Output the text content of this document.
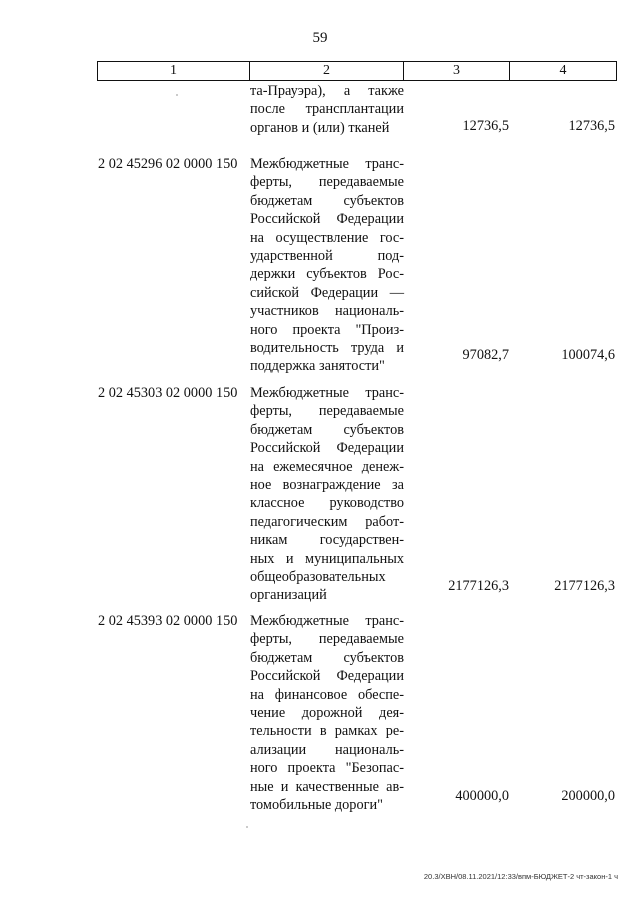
59
1	2	3	4
та-Прауэра), а также
после трансплантации
органов и (или) тканей	12736,5	12736,5
2 02 45296 02 0000 150 Межбюджетные транс-
ферты, передаваемые
бюджетам субъектов
Российской Федерации
на осуществление гос-
ударственной под-
держки субъектов Рос-
сийской Федерации —
участников националь-
ного проекта "Произ-
водительность труда и
поддержка занятости"
97082,7	100074,6
2 02 45303 02 0000 150 Межбюджетные транс-
ферты, передаваемые
бюджетам субъектов
Российской Федерации
на ежемесячное денеж-
ное вознаграждение за
классное руководство
педагогическим работ-
никам государствен-
ных и муниципальных
общеобразовательных
организаций
2177126,3	2177126,3
2 02 45393 02 0000 150 Межбюджетные транс-
ферты, передаваемые
бюджетам субъектов
Российской Федерации
на финансовое обеспе-
чение дорожной дея-
тельности в рамках ре-
ализации националь-
ного проекта "Безопас-
ные и качественные ав-
томобильные дороги"
400000,0	200000,0
20.3/ХВН/08.11.2021/12:33/впм-БЮДЖЕТ-2 чт-закон-1 ч
